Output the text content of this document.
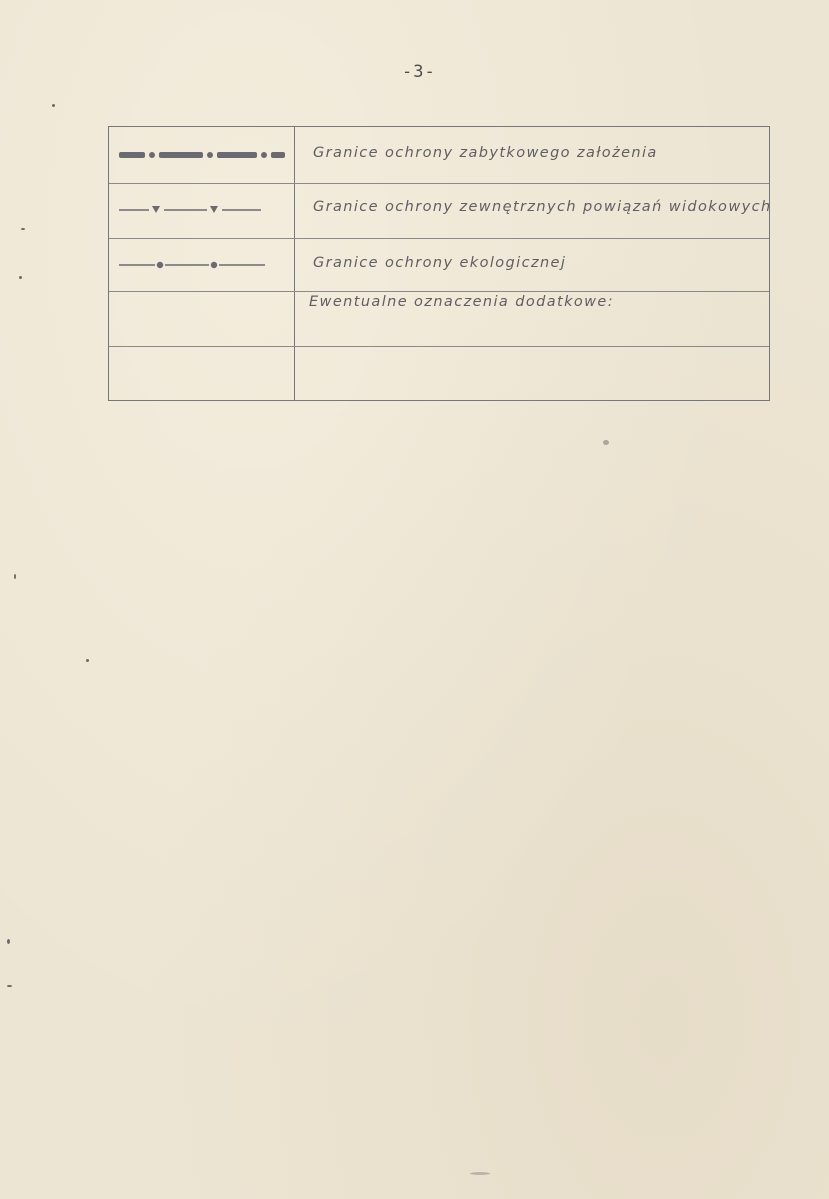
-3-
Granice ochrony zabytkowego założenia
Granice ochrony zewnętrznych powiązań widokowych
Granice ochrony ekologicznej
Ewentualne oznaczenia dodatkowe:
